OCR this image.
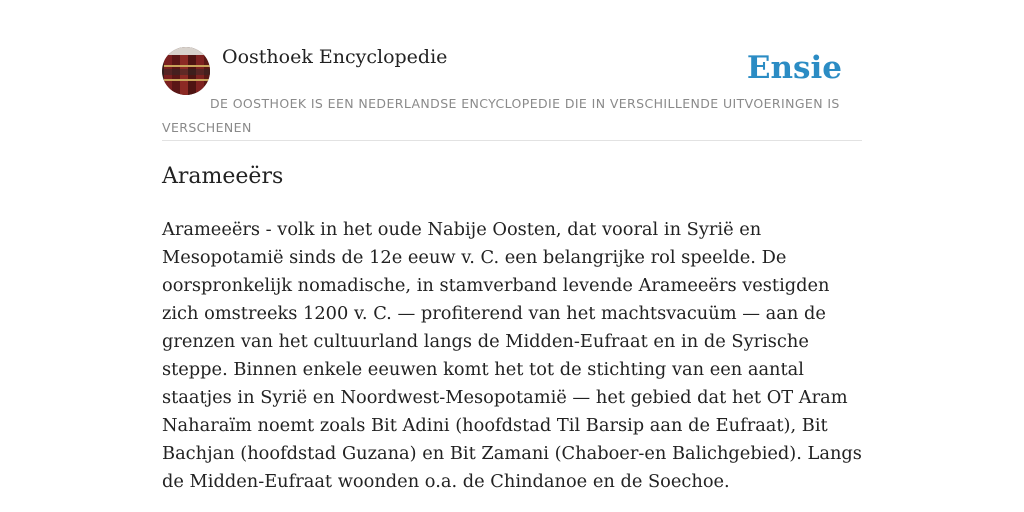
Oosthoek Encyclopedie	Ensie
DE OOSTHOEK IS EEN NEDERLANDSE ENCYCLOPEDIE DIE IN VERSCHILLENDE UITVOERINGEN IS VERSCHENEN
Arameeërs

Arameeërs - volk in het oude Nabije Oosten, dat vooral in Syrië en Mesopotamië sinds de 12e eeuw v. C. een belangrijke rol speelde. De oorspronkelijk nomadische, in stamverband levende Arameeërs vestigden zich omstreeks 1200 v. C. — profiterend van het machtsvacuüm — aan de grenzen van het cultuurland langs de Midden-Eufraat en in de Syrische steppe. Binnen enkele eeuwen komt het tot de stichting van een aantal staatjes in Syrië en Noordwest-Mesopotamië — het gebied dat het OT Aram Naharaïm noemt zoals Bit Adini (hoofdstad Til Barsip aan de Eufraat), Bit Bachjan (hoofdstad Guzana) en Bit Zamani (Chaboer-en Balichgebied). Langs de Midden-Eufraat woonden o.a. de Chindanoe en de Soechoe.
